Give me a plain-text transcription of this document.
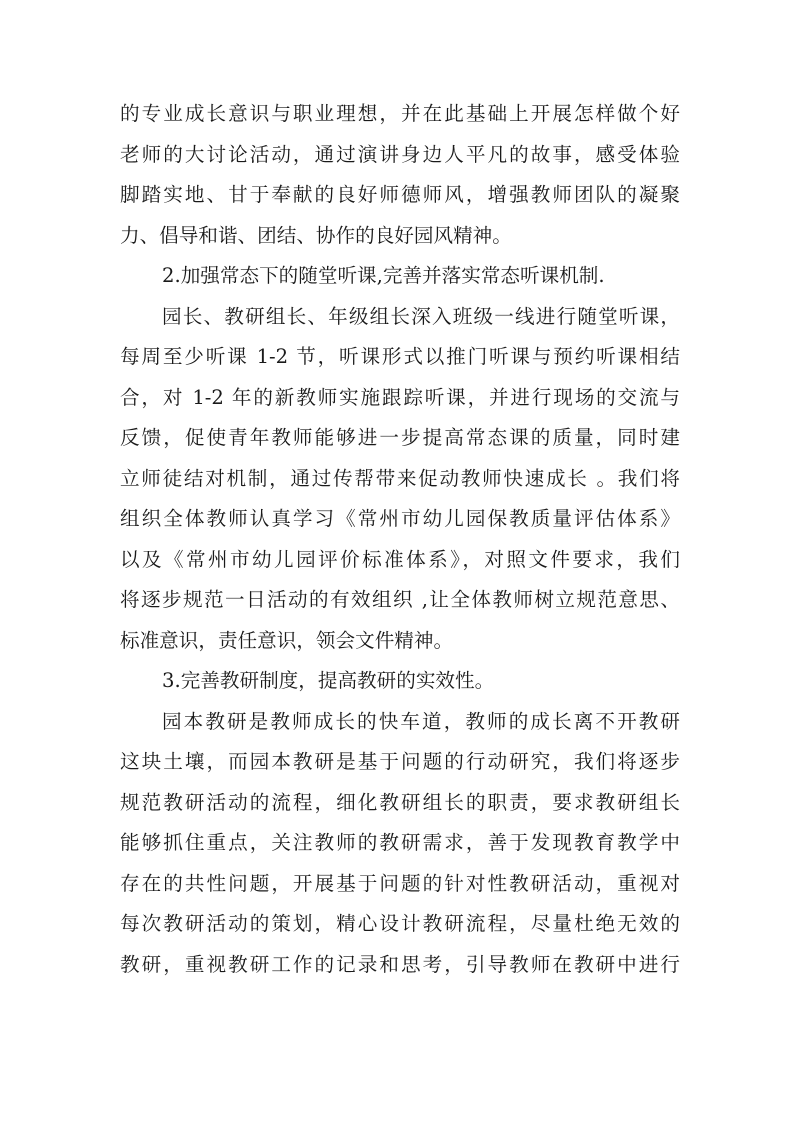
的专业成长意识与职业理想，并在此基础上开展怎样做个好
老师的大讨论活动，通过演讲身边人平凡的故事，感受体验
脚踏实地、甘于奉献的良好师德师风，增强教师团队的凝聚
力、倡导和谐、团结、协作的良好园风精神。
2.加强常态下的随堂听课,完善并落实常态听课机制.
园长、教研组长、年级组长深入班级一线进行随堂听课，
每周至少听课 1-2 节，听课形式以推门听课与预约听课相结
合，对 1-2 年的新教师实施跟踪听课，并进行现场的交流与
反馈，促使青年教师能够进一步提高常态课的质量，同时建
立师徒结对机制，通过传帮带来促动教师快速成长 。我们将
组织全体教师认真学习《常州市幼儿园保教质量评估体系》
以及《常州市幼儿园评价标准体系》，对照文件要求，我们
将逐步规范一日活动的有效组织 ,让全体教师树立规范意思、
标准意识，责任意识，领会文件精神。
3.完善教研制度，提高教研的实效性。
园本教研是教师成长的快车道，教师的成长离不开教研
这块土壤，而园本教研是基于问题的行动研究，我们将逐步
规范教研活动的流程，细化教研组长的职责，要求教研组长
能够抓住重点，关注教师的教研需求，善于发现教育教学中
存在的共性问题，开展基于问题的针对性教研活动，重视对
每次教研活动的策划，精心设计教研流程，尽量杜绝无效的
教研，重视教研工作的记录和思考，引导教师在教研中进行
